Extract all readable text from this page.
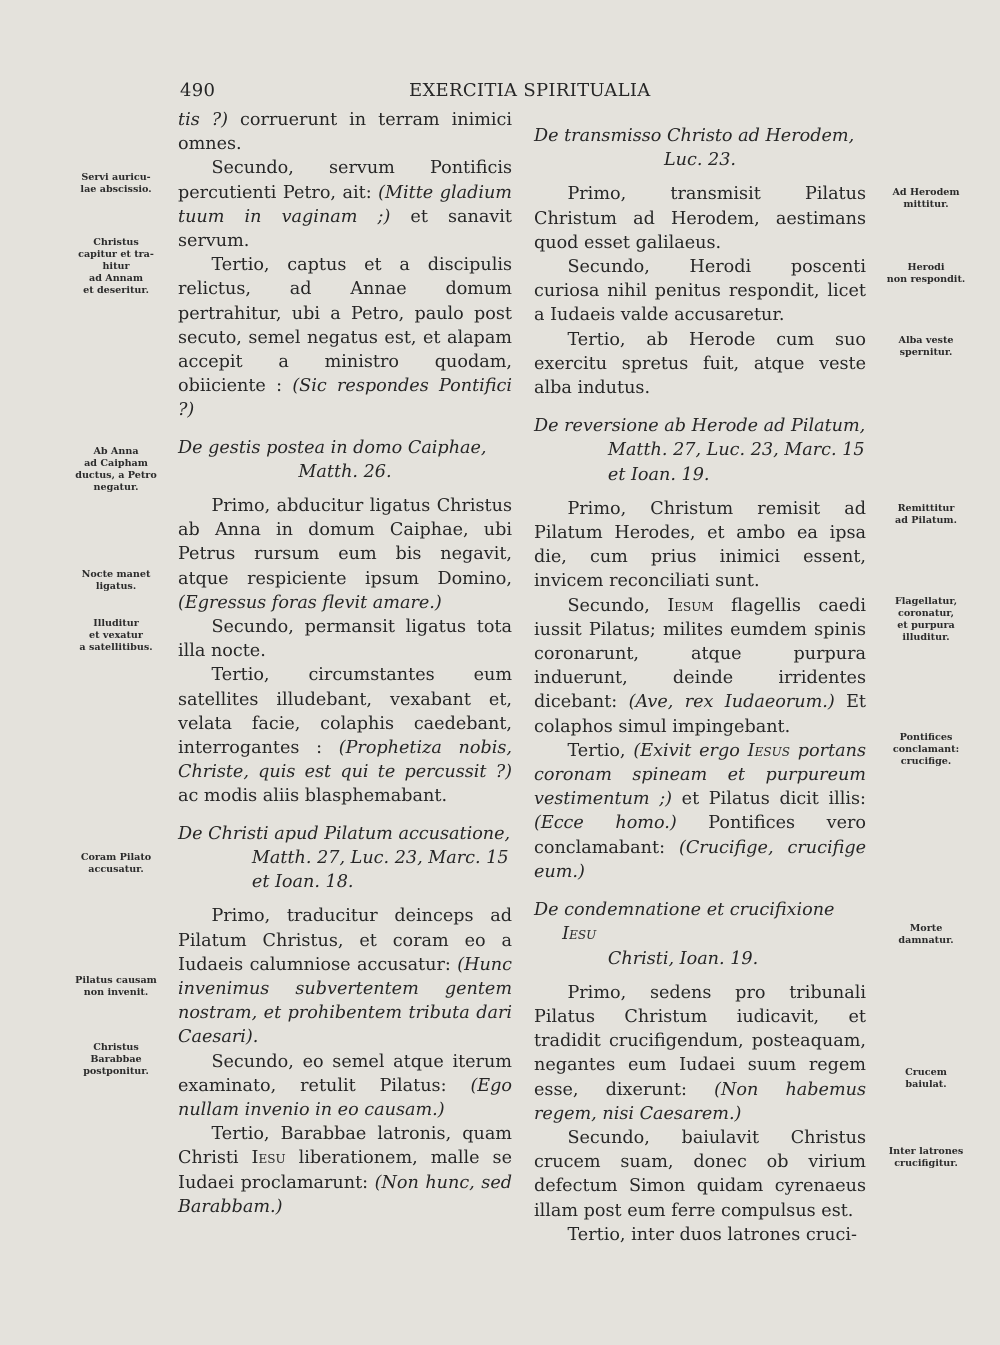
490	EXERCITIA SPIRITUALIA
Servi auricu-
lae abscissio.
Christus
capitur et tra-
hitur
ad Annam
et deseritur.
Ab Anna
ad Caipham
ductus, a Petro
negatur.
Nocte manet
ligatus.
Illuditur
et vexatur
a satellitibus.
Coram Pilato
accusatur.
Pilatus causam
non invenit.
Christus
Barabbae
postponitur.
Ad Herodem
mittitur.
Herodi
non respondit.
Alba veste
spernitur.
Remittitur
ad Pilatum.
Flagellatur,
coronatur,
et purpura
illuditur.
Pontifices
conclamant:
crucifige.
Morte
damnatur.
Crucem
baiulat.
Inter latrones
crucifigitur.

tis ?) corruerunt in terram inimici omnes.

Secundo, servum Pontificis percutienti Petro, ait: (Mitte gladium tuum in vaginam ;) et sanavit servum.

Tertio, captus et a discipulis relictus, ad Annae domum pertrahitur, ubi a Petro, paulo post secuto, semel negatus est, et alapam accepit a ministro quodam, obiiciente : (Sic respondes Pontifici ?)

De gestis postea in domo Caiphae,
Matth. 26.

Primo, abducitur ligatus Christus ab Anna in domum Caiphae, ubi Petrus rursum eum bis negavit, atque respiciente ipsum Domino, (Egressus foras flevit amare.)

Secundo, permansit ligatus tota illa nocte.

Tertio, circumstantes eum satellites illudebant, vexabant et, velata facie, colaphis caedebant, interrogantes : (Prophetiza nobis, Christe, quis est qui te percussit ?) ac modis aliis blasphemabant.

De Christi apud Pilatum accusatione,
Matth. 27, Luc. 23, Marc. 15 et Ioan. 18.

Primo, traducitur deinceps ad Pilatum Christus, et coram eo a Iudaeis calumniose accusatur: (Hunc invenimus subvertentem gentem nostram, et prohibentem tributa dari Caesari).

Secundo, eo semel atque iterum examinato, retulit Pilatus: (Ego nullam invenio in eo causam.)

Tertio, Barabbae latronis, quam Christi Iesu liberationem, malle se Iudaei proclamarunt: (Non hunc, sed Barabbam.)

De transmisso Christo ad Herodem,
Luc. 23.

Primo, transmisit Pilatus Christum ad Herodem, aestimans quod esset galilaeus.

Secundo, Herodi poscenti curiosa nihil penitus respondit, licet a Iudaeis valde accusaretur.

Tertio, ab Herode cum suo exercitu spretus fuit, atque veste alba indutus.

De reversione ab Herode ad Pilatum,
Matth. 27, Luc. 23, Marc. 15 et Ioan. 19.

Primo, Christum remisit ad Pilatum Herodes, et ambo ea ipsa die, cum prius inimici essent, invicem reconciliati sunt.

Secundo, Iesum flagellis caedi iussit Pilatus; milites eumdem spinis coronarunt, atque purpura induerunt, deinde irridentes dicebant: (Ave, rex Iudaeorum.) Et colaphos simul impingebant.

Tertio, (Exivit ergo Iesus portans coronam spineam et purpureum vestimentum ;) et Pilatus dicit illis: (Ecce homo.) Pontifices vero conclamabant: (Crucifige, crucifige eum.)

De condemnatione et crucifixione Iesu
Christi, Ioan. 19.

Primo, sedens pro tribunali Pilatus Christum iudicavit, et tradidit crucifigendum, posteaquam, negantes eum Iudaei suum regem esse, dixerunt: (Non habemus regem, nisi Caesarem.)

Secundo, baiulavit Christus crucem suam, donec ob virium defectum Simon quidam cyrenaeus illam post eum ferre compulsus est.

Tertio, inter duos latrones cruci-
